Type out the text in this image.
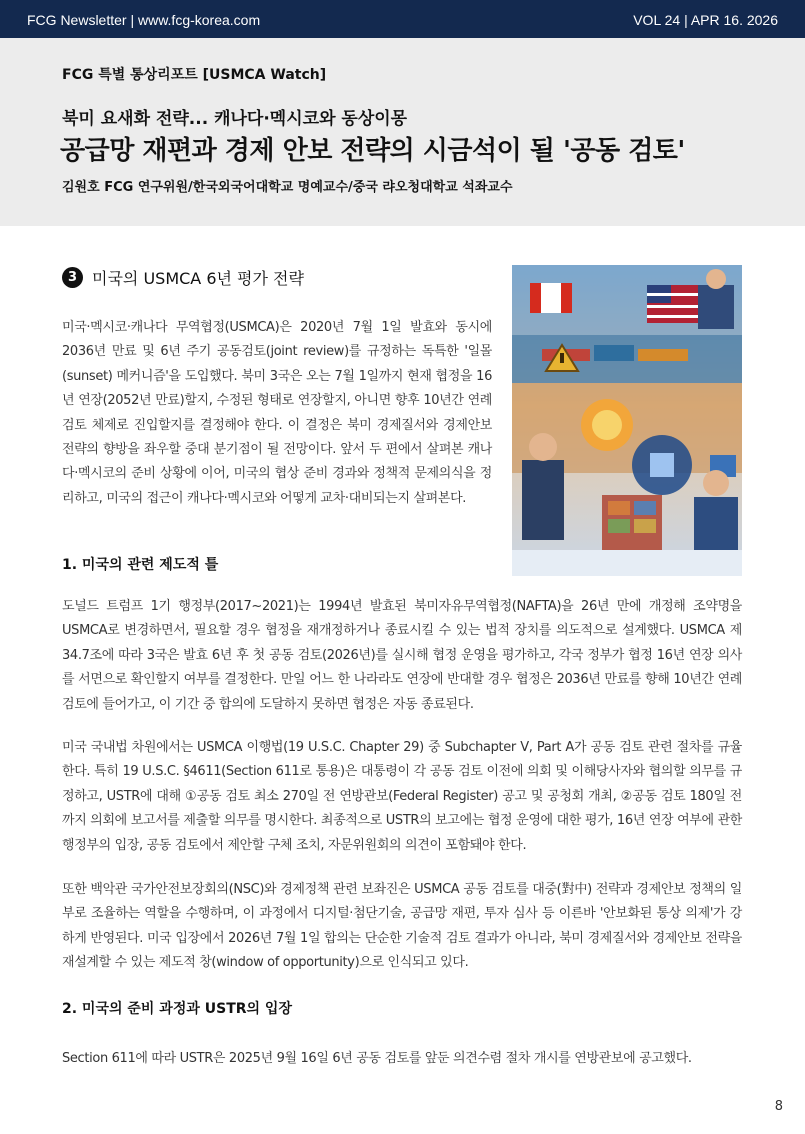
FCG Newsletter | www.fcg-korea.com	VOL 24 | APR 16. 2026
FCG 특별 통상리포트 [USMCA Watch]
북미 요새화 전략... 캐나다·멕시코와 동상이몽
공급망 재편과 경제 안보 전략의 시금석이 될 '공동 검토'
김원호 FCG 연구위원/한국외국어대학교 명예교수/중국 랴오청대학교 석좌교수
3 미국의 USMCA 6년 평가 전략

미국·멕시코·캐나다 무역협정(USMCA)은 2020년 7월 1일 발효와 동시에 2036년 만료 및 6년 주기 공동검토(joint review)를 규정하는 독특한 '일몰(sunset) 메커니즘'을 도입했다. 북미 3국은 오는 7월 1일까지 현재 협정을 16년 연장(2052년 만료)할지, 수정된 형태로 연장할지, 아니면 향후 10년간 연례 검토 체제로 진입할지를 결정해야 한다. 이 결정은 북미 경제질서와 경제안보 전략의 향방을 좌우할 중대 분기점이 될 전망이다. 앞서 두 편에서 살펴본 캐나다·멕시코의 준비 상황에 이어, 미국의 협상 준비 경과와 정책적 문제의식을 정리하고, 미국의 접근이 캐나다·멕시코와 어떻게 교차·대비되는지 살펴본다.

1. 미국의 관련 제도적 틀

도널드 트럼프 1기 행정부(2017~2021)는 1994년 발효된 북미자유무역협정(NAFTA)을 26년 만에 개정해 조약명을 USMCA로 변경하면서, 필요할 경우 협정을 재개정하거나 종료시킬 수 있는 법적 장치를 의도적으로 설계했다. USMCA 제34.7조에 따라 3국은 발효 6년 후 첫 공동 검토(2026년)를 실시해 협정 운영을 평가하고, 각국 정부가 협정 16년 연장 의사를 서면으로 확인할지 여부를 결정한다. 만일 어느 한 나라라도 연장에 반대할 경우 협정은 2036년 만료를 향해 10년간 연례 검토에 들어가고, 이 기간 중 합의에 도달하지 못하면 협정은 자동 종료된다.

미국 국내법 차원에서는 USMCA 이행법(19 U.S.C. Chapter 29) 중 Subchapter V, Part A가 공동 검토 관련 절차를 규율한다. 특히 19 U.S.C. §4611(Section 611로 통용)은 대통령이 각 공동 검토 이전에 의회 및 이해당사자와 협의할 의무를 규정하고, USTR에 대해 ①공동 검토 최소 270일 전 연방관보(Federal Register) 공고 및 공청회 개최, ②공동 검토 180일 전까지 의회에 보고서를 제출할 의무를 명시한다. 최종적으로 USTR의 보고에는 협정 운영에 대한 평가, 16년 연장 여부에 관한 행정부의 입장, 공동 검토에서 제안할 구체 조치, 자문위원회의 의견이 포함돼야 한다.

또한 백악관 국가안전보장회의(NSC)와 경제정책 관련 보좌진은 USMCA 공동 검토를 대중(對中) 전략과 경제안보 정책의 일부로 조율하는 역할을 수행하며, 이 과정에서 디지털·첨단기술, 공급망 재편, 투자 심사 등 이른바 '안보화된 통상 의제'가 강하게 반영된다. 미국 입장에서 2026년 7월 1일 합의는 단순한 기술적 검토 결과가 아니라, 북미 경제질서와 경제안보 전략을 재설계할 수 있는 제도적 창(window of opportunity)으로 인식되고 있다.

2. 미국의 준비 과정과 USTR의 입장

Section 611에 따라 USTR은 2025년 9월 16일 6년 공동 검토를 앞둔 의견수렴 절차 개시를 연방관보에 공고했다.

8
